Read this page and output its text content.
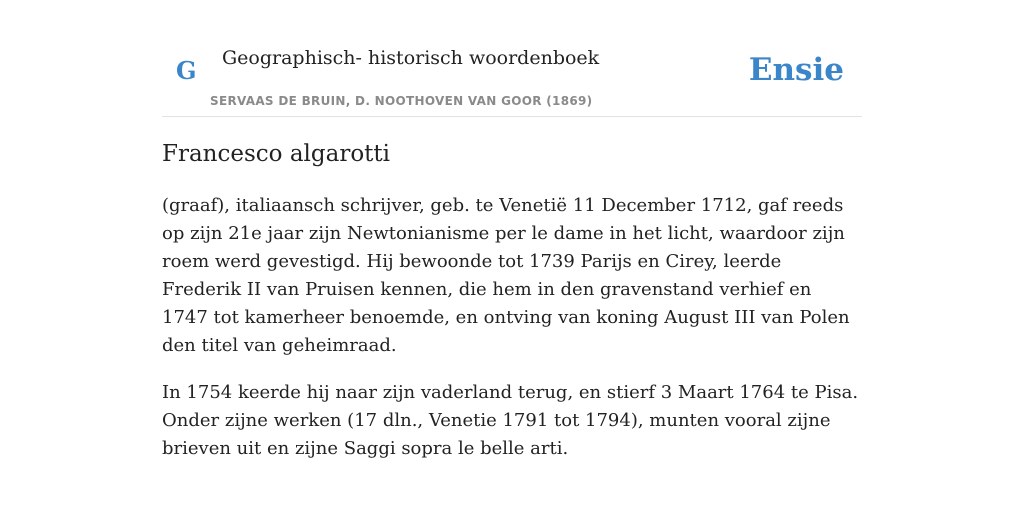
G Geographisch- historisch woordenboek
SERVAAS DE BRUIN, D. NOOTHOVEN VAN GOOR (1869)
Ensie
Francesco algarotti

(graaf), italiaansch schrijver, geb. te Venetië 11 December 1712, gaf reeds op zijn 21e jaar zijn Newtonianisme per le dame in het licht, waardoor zijn roem werd gevestigd. Hij bewoonde tot 1739 Parijs en Cirey, leerde Frederik II van Pruisen kennen, die hem in den gravenstand verhief en 1747 tot kamerheer benoemde, en ontving van koning August III van Polen den titel van geheimraad.

In 1754 keerde hij naar zijn vaderland terug, en stierf 3 Maart 1764 te Pisa. Onder zijne werken (17 dln., Venetie 1791 tot 1794), munten vooral zijne brieven uit en zijne Saggi sopra le belle arti.
